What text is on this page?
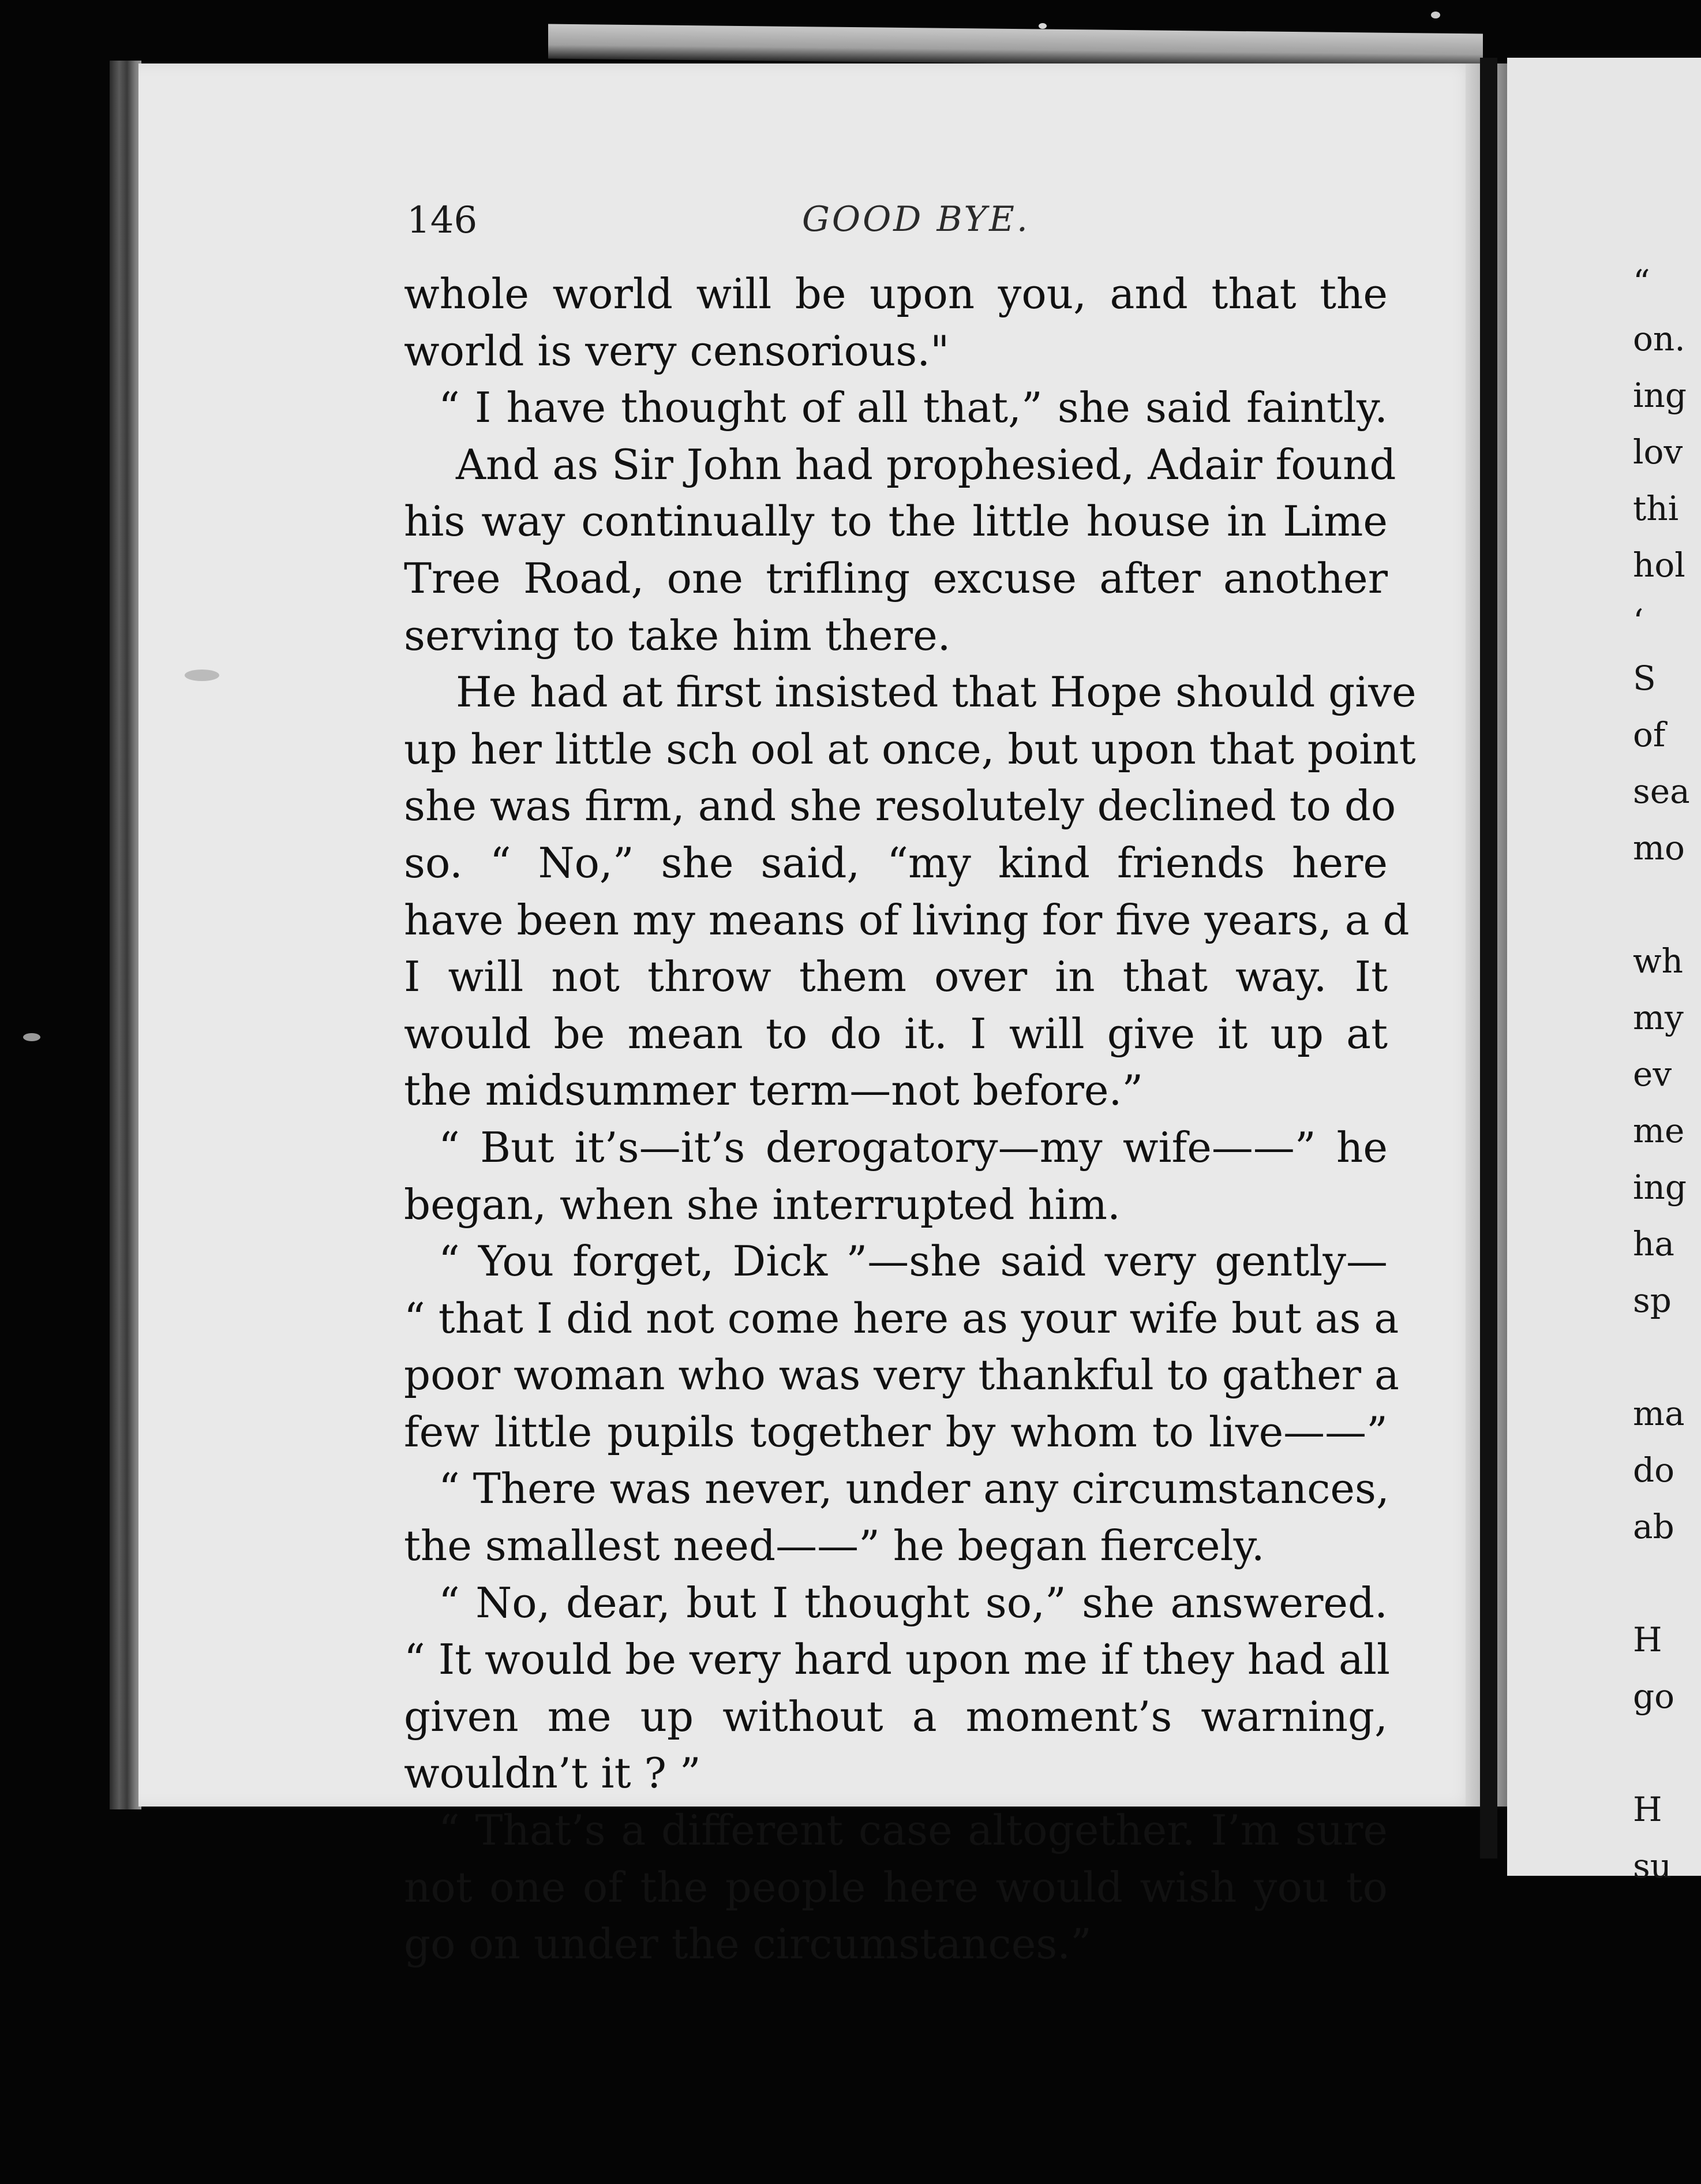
146	GOOD BYE.
whole world will be upon you, and that the
world is very censorious."
“ I have thought of all that,” she said faintly.
And as Sir John had prophesied, Adair found
his way continually to the little house in Lime
Tree Road, one trifling excuse after another
serving to take him there.
He had at first insisted that Hope should give
up her little sch ool at once, but upon that point
she was firm, and she resolutely declined to do
so. “ No,” she said, “my kind friends here
have been my means of living for five years, a d
I will not throw them over in that way. It
would be mean to do it. I will give it up at
the midsummer term—not before.”
“ But it’s—it’s derogatory—my wife——” he
began, when she interrupted him.
“ You forget, Dick ”—she said very gently—
“ that I did not come here as your wife but as a
poor woman who was very thankful to gather a
few little pupils together by whom to live——”
“ There was never, under any circumstances,
the smallest need——” he began fiercely.
“ No, dear, but I thought so,” she answered.
“ It would be very hard upon me if they had all
given me up without a moment’s warning,
wouldn’t it ? ”
“ That’s a different case altogether. I’m sure
not one of the people here would wish you to
go on under the circumstances.”
“
on.
ing
lov
thi
hol
‘
S
of
sea
mo
wh
my
ev
me
ing
ha
sp
ma
do
ab
H
go
H
su
